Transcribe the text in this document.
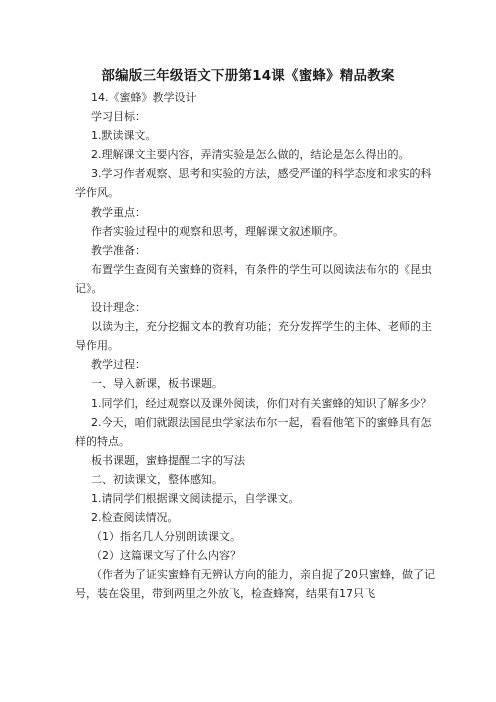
部编版三年级语文下册第14课《蜜蜂》精品教案

14.《蜜蜂》教学设计

学习目标：

1.默读课文。

2.理解课文主要内容，弄清实验是怎么做的，结论是怎么得出的。

3.学习作者观察、思考和实验的方法，感受严谨的科学态度和求实的科学作风。

教学重点：

作者实验过程中的观察和思考，理解课文叙述顺序。

教学准备：

布置学生查阅有关蜜蜂的资料，有条件的学生可以阅读法布尔的《昆虫记》。

设计理念：

以读为主，充分挖掘文本的教育功能；充分发挥学生的主体、老师的主导作用。

教学过程：

一、导入新课，板书课题。

1.同学们，经过观察以及课外阅读，你们对有关蜜蜂的知识了解多少？

2.今天，咱们就跟法国昆虫学家法布尔一起，看看他笔下的蜜蜂具有怎样的特点。

板书课题，蜜蜂提醒二字的写法

二、初读课文，整体感知。

1.请同学们根据课文阅读提示，自学课文。

2.检查阅读情况。

（1）指名几人分别朗读课文。

（2）这篇课文写了什么内容？

（作者为了证实蜜蜂有无辨认方向的能力，亲自捉了20只蜜蜂，做了记号，装在袋里，带到两里之外放飞，检查蜂窝，结果有17只飞
